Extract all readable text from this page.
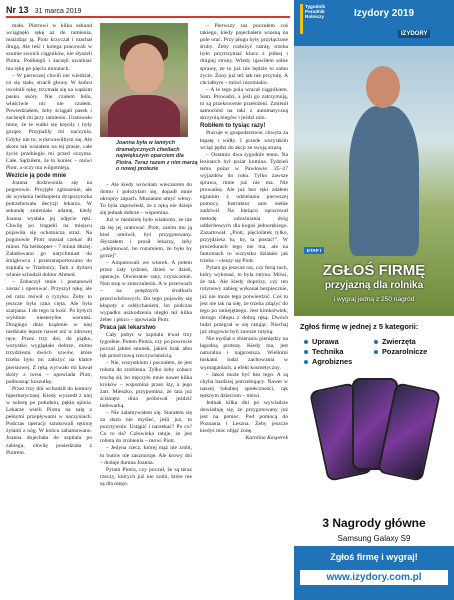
Nr 13 31 marca 2019

mało. Piotrowi w kilka sekund wciągnęło rękę aż do ramienia, miażdżąc ją. Piotr krzyczał i machał drugą. Ale teść i kolega pracowali w szumie swoich ciągników, nie słyszeli Piotra. Podbiegli i zaczęli uwalniać mu rękę po pięciu minutach.

– W pierwszej chwili nie wiedział, co się stało, stracił głowę. W końcu uwolnili rękę, trzymała się na wąskim pasku skóry. Nie czułem bólu, właściwie nic nie czułem. Powiedziałem, żeby ściągali pasek i zacisnęli mi przy ramieniu. Uratowało mnie, że te wałki się kręciły i były gorące. Przypalily mi naczynia. Gdyby nie to, wykrwawiłbym się. Ale skoro tak wisiałem na tej prasie, całe życie przebiegło mi przed oczyma. Całe. Sądziłem, że to koniec – mówi Piotr, a oczy ma wilgotnieją.

Wezicie ją pode mnie

Joanna dodzwoniła się na pogotowie. Przyjęło zgłoszenie, ale do wysłania helikoptera dyspozytorka potrzebowała decyzji lekarza. W sekundę zmieniała adamę, kiedy Joanna wysłała jej zdjęcie ręki. Chwilę po tragedii na miejscu pojawiła się ochotnicza straż. Na pogotowie Piotr musiał czekać 40 minut. Na helikopter – 7 minut dłużej. Załadowano go natychmiast do śmigłowca i przetransportowano do szpitala w Trzebnicy. Tam z dyżuru wlanie schodził doktor Ahmed.

– Zobaczył mnie i postanowił zostać i operować. Przyszył rękę, ale od razu mówił o ryzyku. Żeby to jeszcze była rana cięta. Ale była szarpana. I do tego ta kość. Po byłych wybitnie niesterylne warunki. Drugiego dnia krążenie w niej niedziało lepsze nawet niż w zdrowej ręce. Przez trzy dni, do piątku, wszystko wyglądało dobrze, mimo trzydziestu dwóch szwów, które trzeba było mi założyć na klatce piersiowej. Z ręką wyrwało mi kawał skóry z torsu – opowiada Piotr, podnosząc koszulkę.

Przez trzy dni wchodził do komory hiperbarycznej. Kiedy wyszedł z niej w sobotę po południu, pękła opinia. Lekarze wielli Piotra na salę z pełnymi przepływami w naczyniach. Podczas operacji sztukowali tętnicę żyłami z nóg. W końcu zahamowano. Joanna dojechała do szpitala po zabiegu, chwilę posiedziała z Piotrem.

Joanna była w tamtych dramatycznych chwilach największym oparciem dla Piotra. Teraz razem z nim marzą o nowej protezie

– Ale kiedy wróciłam wieczorem do domu i położyłam się, dopadł mnie okropny zapach. Musiałam umyć włosy. To była zapowiedź, że z ręką nie dzieje się jednak dobrze – wspomina.

Już w niedzielę było wiadomo, że nie da się jej uratować. Piotr, zanim mu ją ktoś omówił, był przygotowany. Słyszałem i prosił lekarzy, żeby „odejmować, bo rozumiem, że było by gorzej”.

– Amputowali we wtorek. A potem przez cały tydzień, dzień w dzień, operacje. Otwieranie rany, czyszczenie. Non stop w znieczuleniu. A w przerwach – na potężnych środkach przeciwbólowych. Do tego pojawiły się kłopoty z oddychaniem, bo podczas wypadku uszkodzenia uległo też kilka żeber i płuco – opowiada Piotr.

Praca jak lekarstwo

Cały pobyt w szpitalu trwał trzy tygodnie. Potem Piotra, czy po powrocie poczuł jakieś smutek, jakieś brak albo lęk przed nową rzeczywistością.

– Nie, wszystkiem i poczułem, że jest robota do zrobienia. Tylko żeby zobacz trochę sił, bo męczyło mnie nawet kilka kroków – wspomina przez łzy, a jego żart. Mieszko, przypomina, że tata już ściśnięto dnia próbował jeździć ładowarką.

– Nie zalamywałem się. Starałem się za dużo nie myśleć, jeśli już, to pozytywnie. Ustąpić i narzekać? Po co? Co to da? Człowieka ratuje, że jest robota do zrobienia – mówi Piotr.

– Jedyna rzecz, której mąż nie zrobi, to butów nie zasznuruje. Ale krowy doi – dodaje dumna Joanna.

Pytam Piotra, czy poczuł, że są teraz rzeczy, których już nie zrobi, które nie są dla niego.

– Pierwszy raz poczułem coś takiego, kiedy pojechałem wiosną na pole orać. Przy pługu były przyłączone śruby. Żeby rozłożyć ramię, trzeba było przytrzymać klucz z jednej i drugiej strony. Wtedy ujawiłem sobie sprawę, że to już nie będzie to samo życie. Żony już też tak nie przytulę. A chciałbym – mówi niezmiałio.

– A le tego pola wracał ciągnikiem. Sam. Prowadzi, a jeśli go zatrzymują, to są przekrocenie przełożeni. Zmienił samochód na taki z automatyczną skrzynią biegów i jeździ nim.

Robiłem to tysiąc razy!

Pracuje w gospodarstwie, chwyta za łopatę i widły. I przede wszystkim wciąż pędzi do akcji ze swoją strażą.

– Ostatnio dwa tygodnie temu. Na łezioarch był pożar komina. Tydzień temu pożar w Pawłowie. 25–27 wyjazdów do roku. Tylko zawsze sprawa, mnie już nie ma. Nie prowadzę. Ale już bez ręki zdałem egzamin z udzielania pierwszej pomocy. Instruktor sam siebie zadziwił. Na bieżąco opracował metodę udrożniania dróg oddechowych dla kogoś jednorękiego. Zazartował: „Piotr, pięciolatek tylko, przyjdziesz tu, by, ta postać!”. W procedurach tego nie ma, ale na fantomach to wszystko działało jak trzeba – cieszy się Piotr.

Pytam go jeszcze raz, czy ferią ruch, który wykonać, to była rutyna. Mówi, że tak. Ale kiedy doprózy, czy ten rutynowy zabieg wykonał bezpiecznie, już nie może tego potwierdzić. Coś tu jest nie tak na siłę, że trzeba zdążyć do tego po umiejętnego. Jest kimkolwiek, dorogo chłopu z dobrą ręką. Dwóch ludzi przegrał w się ratując. Niechaj już złogowie byli zawsze rutyną.

Nie myślał o zbieraniu pieniędzy na łagodną protezę. Kiedy ma, jest naturalna i najprostsza. Wielkimi łuskami ludzi zachowania w wymaganiach, a efekt kosmetyczny.

– Jakoś może być bez tego. A są chyba bardziej potrzebujący. Nawet w naszej lokalnej społeczności, rąk tęsknym dzieciom – mówi.

Jednak kilka dni po wywiadzie dowiaduję się, że przygotowany już jest na pomoc. Pod pomocą do Poznania i Leszna. Żeby jeszcze kiedyś móc objąć żonę.

Karolina Kasperek

Tygodnik Poradnik Rolniczy	Izydory 2019
IZYDORY
ETAP I
ZGŁOŚ FIRMĘ
przyjazną dla rolnika
i wygraj jedną z 250 nagród
Zgłoś firmę w jednej z 5 kategorii:
Uprawa	Zwierzęta
Technika	Pozarolnicze
Agrobiznes
3 Nagrody główne
Samsung Galaxy S9
Zgłoś firmę i wygraj!
www.izydory.com.pl
